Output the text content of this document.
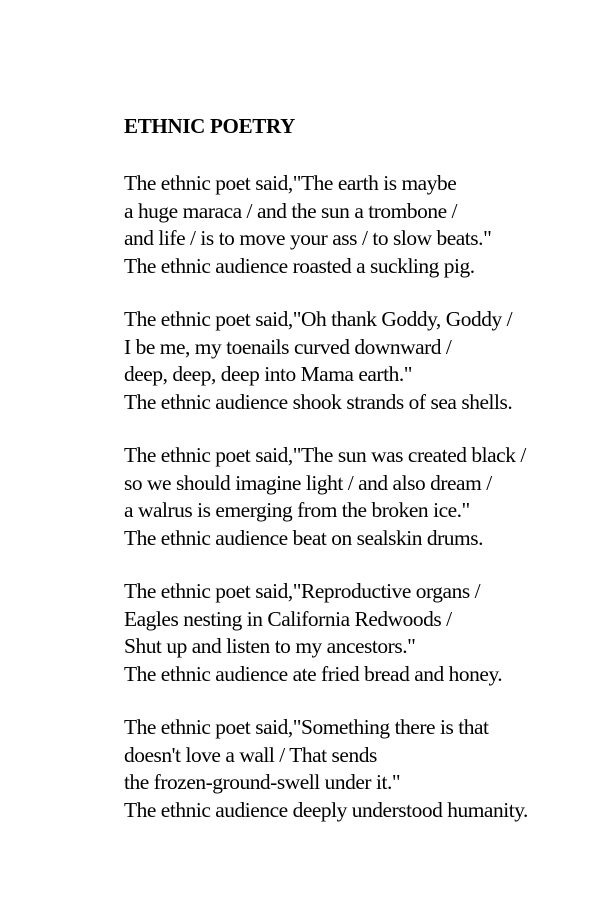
ETHNIC POETRY
The ethnic poet said,"The earth is maybe
a huge maraca / and the sun a trombone /
and life / is to move your ass / to slow beats."
The ethnic audience roasted a suckling pig.
The ethnic poet said,"Oh thank Goddy, Goddy /
I be me, my toenails curved downward /
deep, deep, deep into Mama earth."
The ethnic audience shook strands of sea shells.
The ethnic poet said,"The sun was created black /
so we should imagine light / and also dream /
a walrus is emerging from the broken ice."
The ethnic audience beat on sealskin drums.
The ethnic poet said,"Reproductive organs /
Eagles nesting in California Redwoods /
Shut up and listen to my ancestors."
The ethnic audience ate fried bread and honey.
The ethnic poet said,"Something there is that
doesn't love a wall / That sends
the frozen-ground-swell under it."
The ethnic audience deeply understood humanity.
